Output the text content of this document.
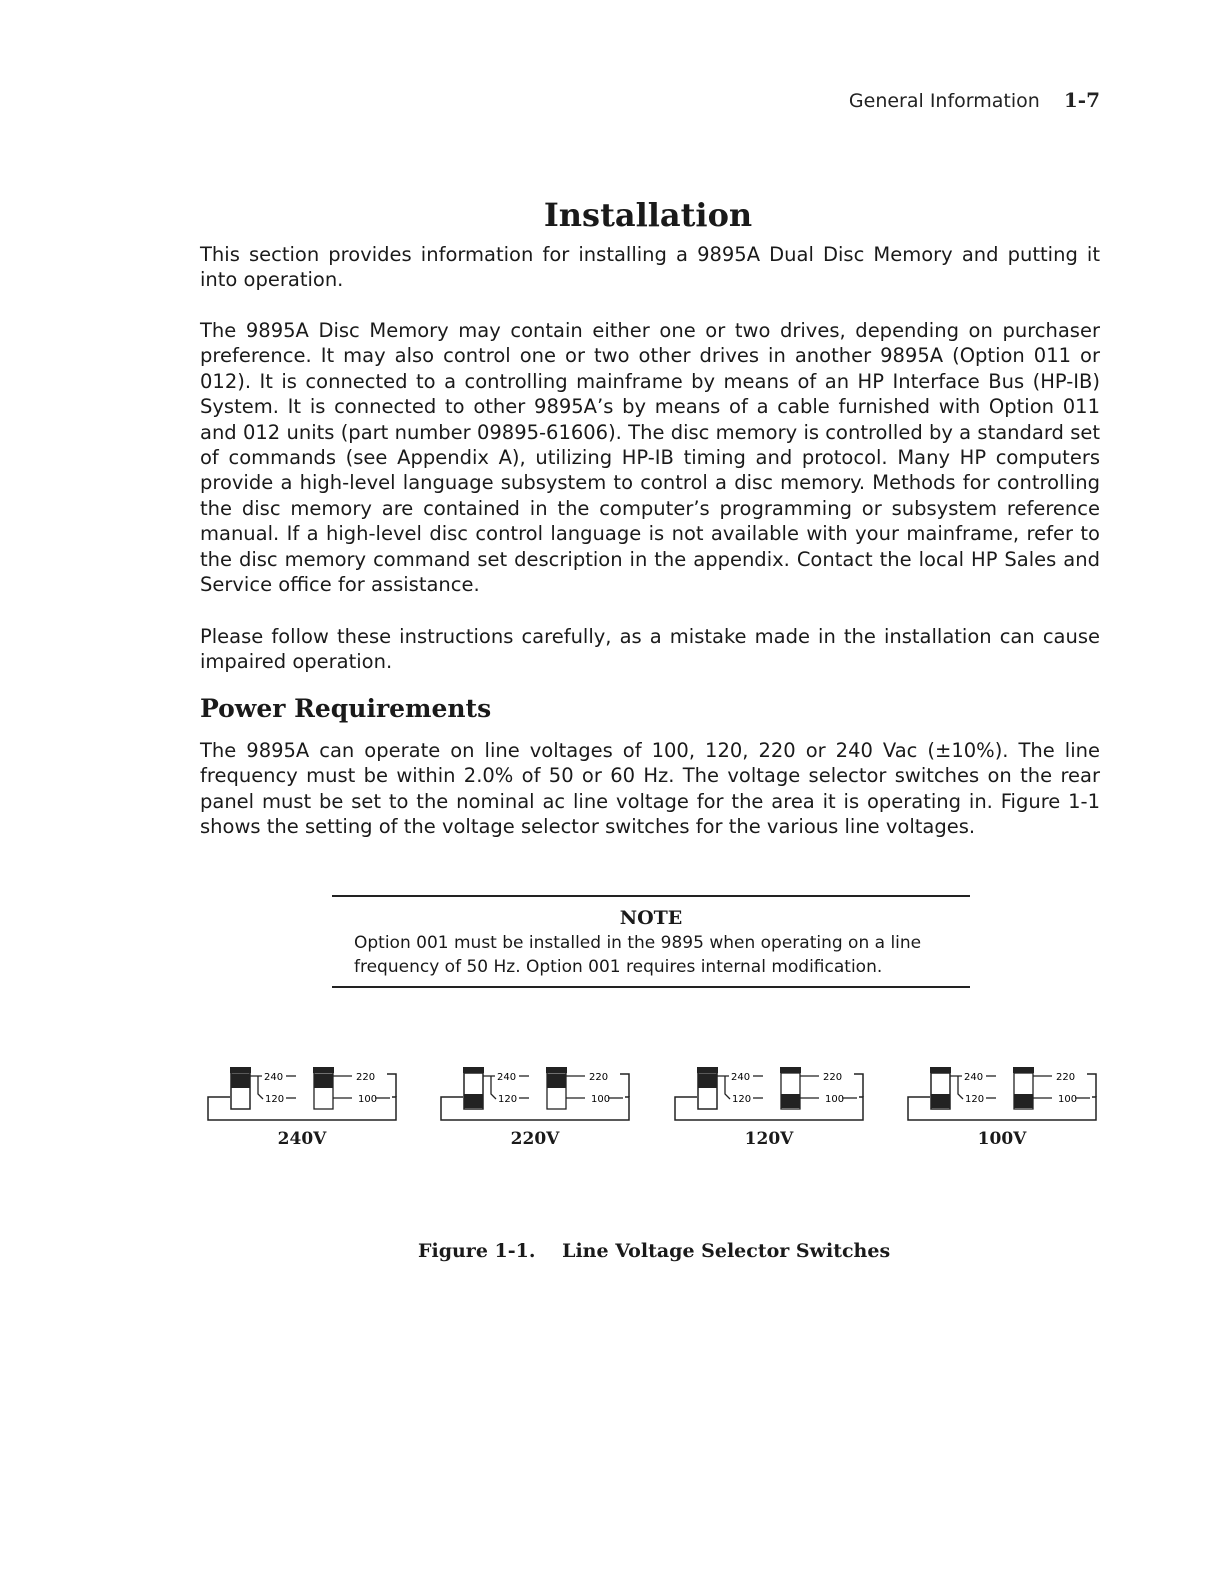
General Information 1-7
Installation

This section provides information for installing a 9895A Dual Disc Memory and putting it into operation.

The 9895A Disc Memory may contain either one or two drives, depending on purchaser preference. It may also control one or two other drives in another 9895A (Option 011 or 012). It is connected to a controlling mainframe by means of an HP Interface Bus (HP-IB) System. It is connected to other 9895A’s by means of a cable furnished with Option 011 and 012 units (part number 09895-61606). The disc memory is controlled by a standard set of commands (see Appendix A), utilizing HP-IB timing and protocol. Many HP computers provide a high-level language subsystem to control a disc memory. Methods for controlling the disc memory are contained in the computer’s programming or subsystem reference manual. If a high-level disc control language is not available with your mainframe, refer to the disc memory command set description in the appendix. Contact the local HP Sales and Service office for assistance.

Please follow these instructions carefully, as a mistake made in the installation can cause impaired operation.

Power Requirements

The 9895A can operate on line voltages of 100, 120, 220 or 240 Vac (±10%). The line frequency must be within 2.0% of 50 or 60 Hz. The voltage selector switches on the rear panel must be set to the nominal ac line voltage for the area it is operating in. Figure 1-1 shows the setting of the voltage selector switches for the various line voltages.

NOTE
Option 001 must be installed in the 9895 when operating on a line
frequency of 50 Hz. Option 001 requires internal modification.
240
120
220
100
240V
240
120
220
100
220V
240
120
220
100
120V
240
120
220
100
100V
Figure 1-1. Line Voltage Selector Switches
